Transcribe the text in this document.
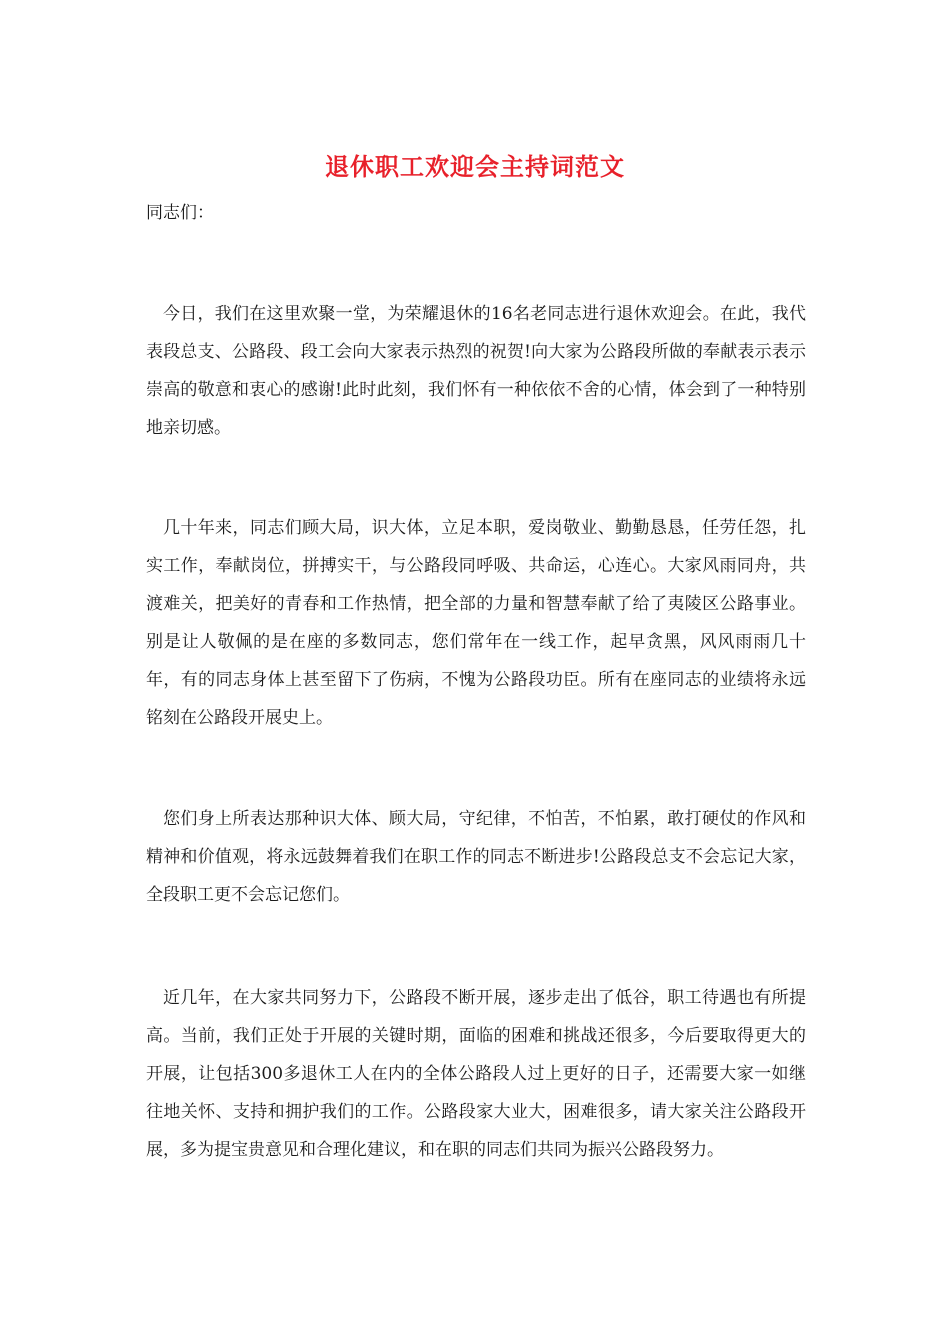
退休职工欢迎会主持词范文
同志们：

今日，我们在这里欢聚一堂，为荣耀退休的16名老同志进行退休欢迎会。在此，我代表段总支、公路段、段工会向大家表示热烈的祝贺!向大家为公路段所做的奉献表示表示崇高的敬意和衷心的感谢!此时此刻，我们怀有一种依依不舍的心情，体会到了一种特别地亲切感。

几十年来，同志们顾大局，识大体，立足本职，爱岗敬业、勤勤恳恳，任劳任怨，扎实工作，奉献岗位，拼搏实干，与公路段同呼吸、共命运，心连心。大家风雨同舟，共渡难关，把美好的青春和工作热情，把全部的力量和智慧奉献了给了夷陵区公路事业。别是让人敬佩的是在座的多数同志，您们常年在一线工作，起早贪黑，风风雨雨几十年，有的同志身体上甚至留下了伤病，不愧为公路段功臣。所有在座同志的业绩将永远铭刻在公路段开展史上。

您们身上所表达那种识大体、顾大局，守纪律，不怕苦，不怕累，敢打硬仗的作风和精神和价值观，将永远鼓舞着我们在职工作的同志不断进步!公路段总支不会忘记大家，全段职工更不会忘记您们。

近几年，在大家共同努力下，公路段不断开展，逐步走出了低谷，职工待遇也有所提高。当前，我们正处于开展的关键时期，面临的困难和挑战还很多，今后要取得更大的开展，让包括300多退休工人在内的全体公路段人过上更好的日子，还需要大家一如继往地关怀、支持和拥护我们的工作。公路段家大业大，困难很多，请大家关注公路段开展，多为提宝贵意见和合理化建议，和在职的同志们共同为振兴公路段努力。
